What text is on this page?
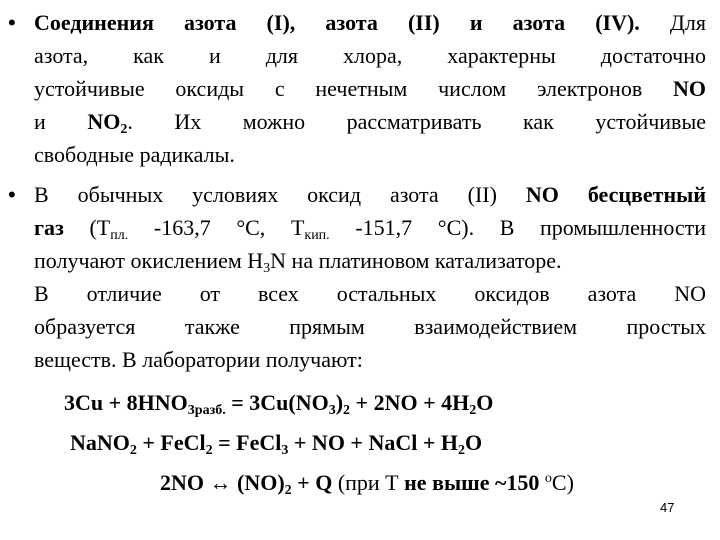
• Соединения азота (I), азота (II) и азота (IV). Для
азота, как и для хлора, характерны достаточно
устойчивые оксиды с нечетным числом электронов NO
и $NO_2$. Их можно рассматривать как устойчивые
свободные радикалы.
• В обычных условиях оксид азота (II) NO бесцветный
газ ($Т_{пл.}$ -163,7 °С, $Т_{кип.}$ -151,7 °С). В промышленности
получают окислением $H_3N$ на платиновом катализаторе.
В отличие от всех остальных оксидов азота NO
образуется также прямым взаимодействием простых
веществ. В лаборатории получают:
$3Cu + 8HNO_{3разб.} = 3Cu(NO_3)_2 + 2NO + 4H_2O$
NaNO$_2$ + FeCl$_2$ = FeCl$_3$ + NO + NaCl + $H_2O$
2NO ↔ $(NO)_2 + Q$ (при Т не выше ~150 $^о$С)
47
